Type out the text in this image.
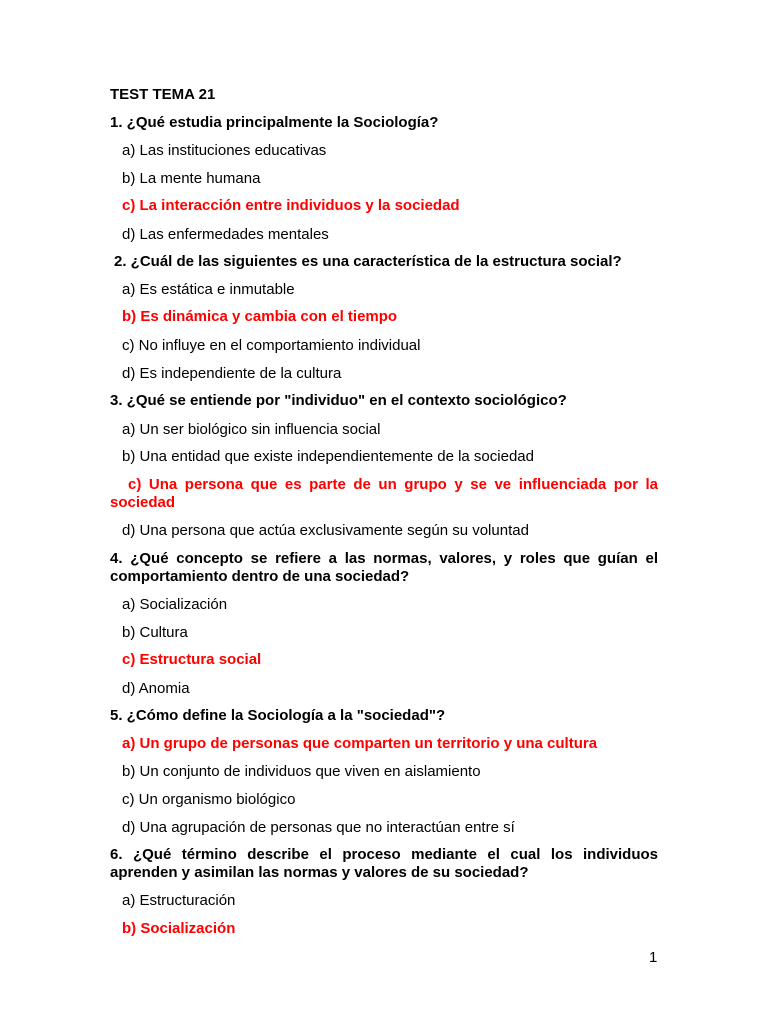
TEST TEMA 21
1. ¿Qué estudia principalmente la Sociología?
a) Las instituciones educativas
b) La mente humana
c) La interacción entre individuos y la sociedad
d) Las enfermedades mentales
2. ¿Cuál de las siguientes es una característica de la estructura social?
a) Es estática e inmutable
b) Es dinámica y cambia con el tiempo
c) No influye en el comportamiento individual
d) Es independiente de la cultura
3. ¿Qué se entiende por "individuo" en el contexto sociológico?
a) Un ser biológico sin influencia social
b) Una entidad que existe independientemente de la sociedad
c) Una persona que es parte de un grupo y se ve influenciada por la sociedad
d) Una persona que actúa exclusivamente según su voluntad
4. ¿Qué concepto se refiere a las normas, valores, y roles que guían el comportamiento dentro de una sociedad?
a) Socialización
b) Cultura
c) Estructura social
d) Anomia
5. ¿Cómo define la Sociología a la "sociedad"?
a) Un grupo de personas que comparten un territorio y una cultura
b) Un conjunto de individuos que viven en aislamiento
c) Un organismo biológico
d) Una agrupación de personas que no interactúan entre sí
6. ¿Qué término describe el proceso mediante el cual los individuos aprenden y asimilan las normas y valores de su sociedad?
a) Estructuración
b) Socialización
1
